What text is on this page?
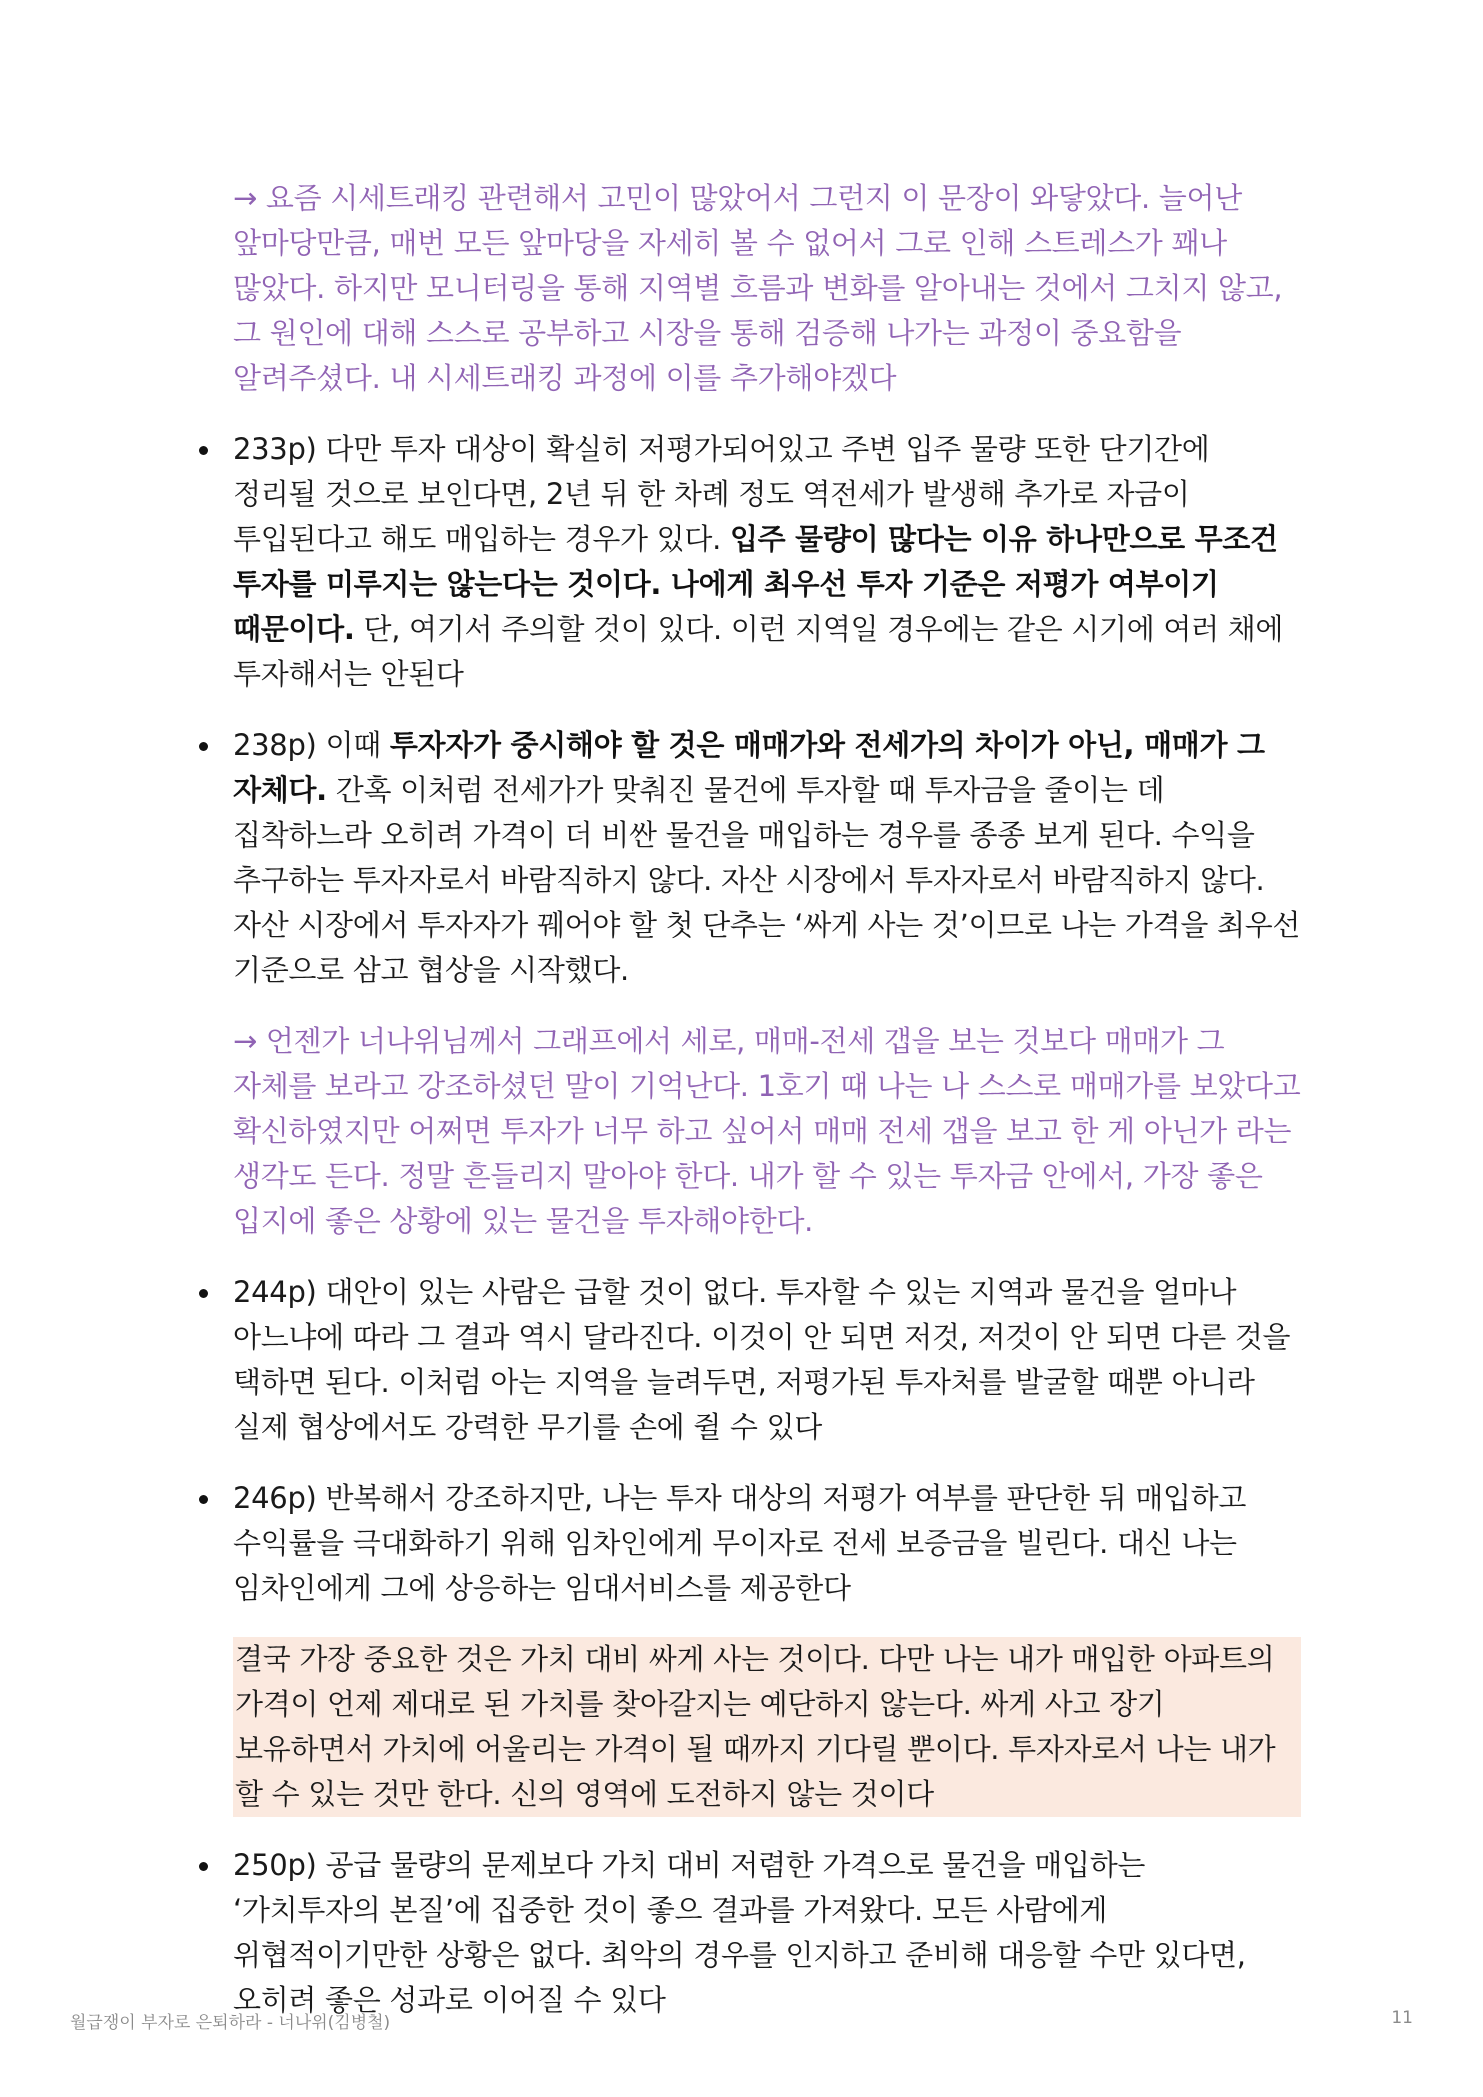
→ 요즘 시세트래킹 관련해서 고민이 많았어서 그런지 이 문장이 와닿았다. 늘어난 앞마당만큼, 매번 모든 앞마당을 자세히 볼 수 없어서 그로 인해 스트레스가 꽤나 많았다. 하지만 모니터링을 통해 지역별 흐름과 변화를 알아내는 것에서 그치지 않고, 그 원인에 대해 스스로 공부하고 시장을 통해 검증해 나가는 과정이 중요함을 알려주셨다. 내 시세트래킹 과정에 이를 추가해야겠다

233p) 다만 투자 대상이 확실히 저평가되어있고 주변 입주 물량 또한 단기간에 정리될 것으로 보인다면, 2년 뒤 한 차례 정도 역전세가 발생해 추가로 자금이 투입된다고 해도 매입하는 경우가 있다. 입주 물량이 많다는 이유 하나만으로 무조건 투자를 미루지는 않는다는 것이다. 나에게 최우선 투자 기준은 저평가 여부이기 때문이다. 단, 여기서 주의할 것이 있다. 이런 지역일 경우에는 같은 시기에 여러 채에 투자해서는 안된다
238p) 이때 투자자가 중시해야 할 것은 매매가와 전세가의 차이가 아닌, 매매가 그 자체다. 간혹 이처럼 전세가가 맞춰진 물건에 투자할 때 투자금을 줄이는 데 집착하느라 오히려 가격이 더 비싼 물건을 매입하는 경우를 종종 보게 된다. 수익을 추구하는 투자자로서 바람직하지 않다. 자산 시장에서 투자자로서 바람직하지 않다. 자산 시장에서 투자자가 꿰어야 할 첫 단추는 ‘싸게 사는 것’이므로 나는 가격을 최우선 기준으로 삼고 협상을 시작했다.

→ 언젠가 너나위님께서 그래프에서 세로, 매매-전세 갭을 보는 것보다 매매가 그 자체를 보라고 강조하셨던 말이 기억난다. 1호기 때 나는 나 스스로 매매가를 보았다고 확신하였지만 어쩌면 투자가 너무 하고 싶어서 매매 전세 갭을 보고 한 게 아닌가 라는 생각도 든다. 정말 흔들리지 말아야 한다. 내가 할 수 있는 투자금 안에서, 가장 좋은 입지에 좋은 상황에 있는 물건을 투자해야한다.

244p) 대안이 있는 사람은 급할 것이 없다. 투자할 수 있는 지역과 물건을 얼마나 아느냐에 따라 그 결과 역시 달라진다. 이것이 안 되면 저것, 저것이 안 되면 다른 것을 택하면 된다. 이처럼 아는 지역을 늘려두면, 저평가된 투자처를 발굴할 때뿐 아니라 실제 협상에서도 강력한 무기를 손에 쥘 수 있다
246p) 반복해서 강조하지만, 나는 투자 대상의 저평가 여부를 판단한 뒤 매입하고 수익률을 극대화하기 위해 임차인에게 무이자로 전세 보증금을 빌린다. 대신 나는 임차인에게 그에 상응하는 임대서비스를 제공한다

결국 가장 중요한 것은 가치 대비 싸게 사는 것이다. 다만 나는 내가 매입한 아파트의 가격이 언제 제대로 된 가치를 찾아갈지는 예단하지 않는다. 싸게 사고 장기 보유하면서 가치에 어울리는 가격이 될 때까지 기다릴 뿐이다. 투자자로서 나는 내가 할 수 있는 것만 한다. 신의 영역에 도전하지 않는 것이다

250p) 공급 물량의 문제보다 가치 대비 저렴한 가격으로 물건을 매입하는 ‘가치투자의 본질’에 집중한 것이 좋으 결과를 가져왔다. 모든 사람에게 위협적이기만한 상황은 없다. 최악의 경우를 인지하고 준비해 대응할 수만 있다면, 오히려 좋은 성과로 이어질 수 있다
월급쟁이 부자로 은퇴하라 - 너나위(김병철)	11
